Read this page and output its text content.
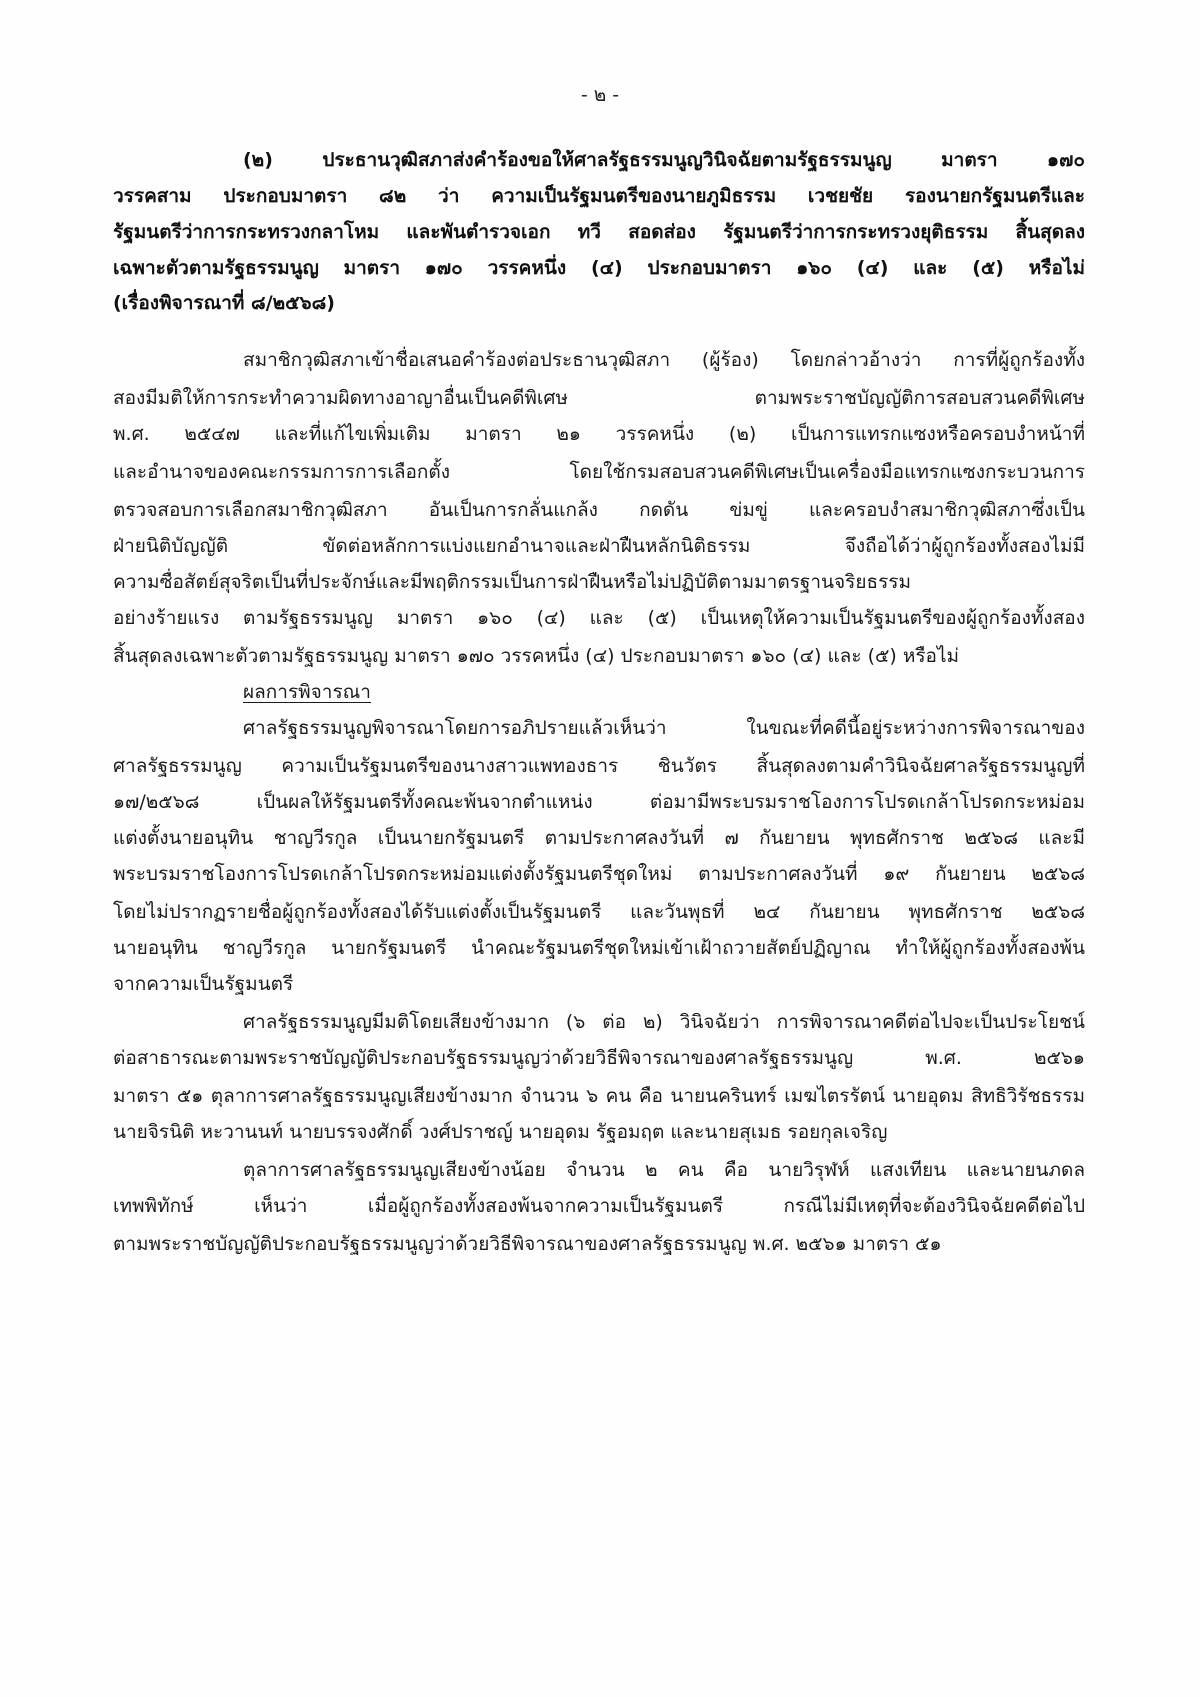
- ๒ -
(๒) ประธานวุฒิสภาส่งคำร้องขอให้ศาลรัฐธรรมนูญวินิจฉัยตามรัฐธรรมนูญ มาตรา ๑๗๐
วรรคสาม ประกอบมาตรา ๘๒ ว่า ความเป็นรัฐมนตรีของนายภูมิธรรม เวชยชัย รองนายกรัฐมนตรีและ
รัฐมนตรีว่าการกระทรวงกลาโหม และพันตำรวจเอก ทวี สอดส่อง รัฐมนตรีว่าการกระทรวงยุติธรรม สิ้นสุดลง
เฉพาะตัวตามรัฐธรรมนูญ มาตรา ๑๗๐ วรรคหนึ่ง (๔) ประกอบมาตรา ๑๖๐ (๔) และ (๕) หรือไม่
(เรื่องพิจารณาที่ ๘/๒๕๖๘)
สมาชิกวุฒิสภาเข้าชื่อเสนอคำร้องต่อประธานวุฒิสภา (ผู้ร้อง) โดยกล่าวอ้างว่า การที่ผู้ถูกร้องทั้ง
สองมีมติให้การกระทำความผิดทางอาญาอื่นเป็นคดีพิเศษ ตามพระราชบัญญัติการสอบสวนคดีพิเศษ
พ.ศ. ๒๕๔๗ และที่แก้ไขเพิ่มเติม มาตรา ๒๑ วรรคหนึ่ง (๒) เป็นการแทรกแซงหรือครอบงำหน้าที่
และอำนาจของคณะกรรมการการเลือกตั้ง โดยใช้กรมสอบสวนคดีพิเศษเป็นเครื่องมือแทรกแซงกระบวนการ
ตรวจสอบการเลือกสมาชิกวุฒิสภา อันเป็นการกลั่นแกล้ง กดดัน ข่มขู่ และครอบงำสมาชิกวุฒิสภาซึ่งเป็น
ฝ่ายนิติบัญญัติ ขัดต่อหลักการแบ่งแยกอำนาจและฝ่าฝืนหลักนิติธรรม จึงถือได้ว่าผู้ถูกร้องทั้งสองไม่มี
ความซื่อสัตย์สุจริตเป็นที่ประจักษ์และมีพฤติกรรมเป็นการฝ่าฝืนหรือไม่ปฏิบัติตามมาตรฐานจริยธรรม
อย่างร้ายแรง ตามรัฐธรรมนูญ มาตรา ๑๖๐ (๔) และ (๕) เป็นเหตุให้ความเป็นรัฐมนตรีของผู้ถูกร้องทั้งสอง
สิ้นสุดลงเฉพาะตัวตามรัฐธรรมนูญ มาตรา ๑๗๐ วรรคหนึ่ง (๔) ประกอบมาตรา ๑๖๐ (๔) และ (๕) หรือไม่
ผลการพิจารณา
ศาลรัฐธรรมนูญพิจารณาโดยการอภิปรายแล้วเห็นว่า ในขณะที่คดีนี้อยู่ระหว่างการพิจารณาของ
ศาลรัฐธรรมนูญ ความเป็นรัฐมนตรีของนางสาวแพทองธาร ชินวัตร สิ้นสุดลงตามคำวินิจฉัยศาลรัฐธรรมนูญที่
๑๗/๒๕๖๘ เป็นผลให้รัฐมนตรีทั้งคณะพ้นจากตำแหน่ง ต่อมามีพระบรมราชโองการโปรดเกล้าโปรดกระหม่อม
แต่งตั้งนายอนุทิน ชาญวีรกูล เป็นนายกรัฐมนตรี ตามประกาศลงวันที่ ๗ กันยายน พุทธศักราช ๒๕๖๘ และมี
พระบรมราชโองการโปรดเกล้าโปรดกระหม่อมแต่งตั้งรัฐมนตรีชุดใหม่ ตามประกาศลงวันที่ ๑๙ กันยายน ๒๕๖๘
โดยไม่ปรากฏรายชื่อผู้ถูกร้องทั้งสองได้รับแต่งตั้งเป็นรัฐมนตรี และวันพุธที่ ๒๔ กันยายน พุทธศักราช ๒๕๖๘
นายอนุทิน ชาญวีรกูล นายกรัฐมนตรี นำคณะรัฐมนตรีชุดใหม่เข้าเฝ้าถวายสัตย์ปฏิญาณ ทำให้ผู้ถูกร้องทั้งสองพ้น
จากความเป็นรัฐมนตรี
ศาลรัฐธรรมนูญมีมติโดยเสียงข้างมาก (๖ ต่อ ๒) วินิจฉัยว่า การพิจารณาคดีต่อไปจะเป็นประโยชน์
ต่อสาธารณะตามพระราชบัญญัติประกอบรัฐธรรมนูญว่าด้วยวิธีพิจารณาของศาลรัฐธรรมนูญ พ.ศ. ๒๕๖๑
มาตรา ๕๑ ตุลาการศาลรัฐธรรมนูญเสียงข้างมาก จำนวน ๖ คน คือ นายนครินทร์ เมฆไตรรัตน์ นายอุดม สิทธิวิรัชธรรม
นายจิรนิติ หะวานนท์ นายบรรจงศักดิ์ วงศ์ปราชญ์ นายอุดม รัฐอมฤต และนายสุเมธ รอยกุลเจริญ
ตุลาการศาลรัฐธรรมนูญเสียงข้างน้อย จำนวน ๒ คน คือ นายวิรุฬห์ แสงเทียน และนายนภดล
เทพพิทักษ์ เห็นว่า เมื่อผู้ถูกร้องทั้งสองพ้นจากความเป็นรัฐมนตรี กรณีไม่มีเหตุที่จะต้องวินิจฉัยคดีต่อไป
ตามพระราชบัญญัติประกอบรัฐธรรมนูญว่าด้วยวิธีพิจารณาของศาลรัฐธรรมนูญ พ.ศ. ๒๕๖๑ มาตรา ๕๑
